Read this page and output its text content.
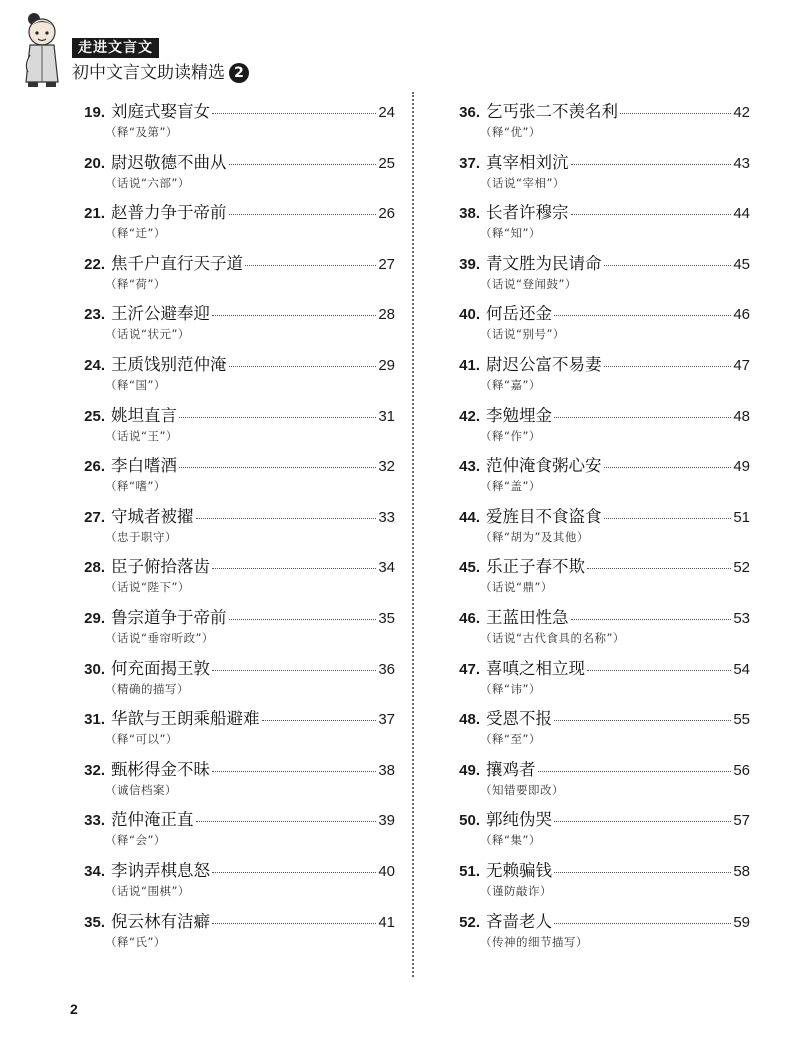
走进文言文
初中文言文助读精选 2
19. 刘庭式娶盲女	24
（释“及第”）
20. 尉迟敬德不曲从	25
（话说“六部”）
21. 赵普力争于帝前	26
（释“迁”）
22. 焦千户直行天子道	27
（释“荷”）
23. 王沂公避奉迎	28
（话说“状元”）
24. 王质饯别范仲淹	29
（释“国”）
25. 姚坦直言	31
（话说“王”）
26. 李白嗜酒	32
（释“嗜”）
27. 守城者被擢	33
（忠于职守）
28. 臣子俯拾落齿	34
（话说“陛下”）
29. 鲁宗道争于帝前	35
（话说“垂帘听政”）
30. 何充面揭王敦	36
（精确的描写）
31. 华歆与王朗乘船避难	37
（释“可以”）
32. 甄彬得金不昧	38
（诚信档案）
33. 范仲淹正直	39
（释“会”）
34. 李讷弄棋息怒	40
（话说“围棋”）
35. 倪云林有洁癖	41
（释“氏”）
36. 乞丐张二不羡名利	42
（释“优”）
37. 真宰相刘沆	43
（话说“宰相”）
38. 长者许穆宗	44
（释“知”）
39. 青文胜为民请命	45
（话说“登闻鼓”）
40. 何岳还金	46
（话说“别号”）
41. 尉迟公富不易妻	47
（释“嘉”）
42. 李勉埋金	48
（释“作”）
43. 范仲淹食粥心安	49
（释“盖”）
44. 爱旌目不食盗食	51
（释“胡为”及其他）
45. 乐正子春不欺	52
（话说“鼎”）
46. 王蓝田性急	53
（话说“古代食具的名称”）
47. 喜嗔之相立现	54
（释“讳”）
48. 受恩不报	55
（释“至”）
49. 攘鸡者	56
（知错要即改）
50. 郭纯伪哭	57
（释“集”）
51. 无赖骗钱	58
（谨防敲诈）
52. 吝啬老人	59
（传神的细节描写）
2
